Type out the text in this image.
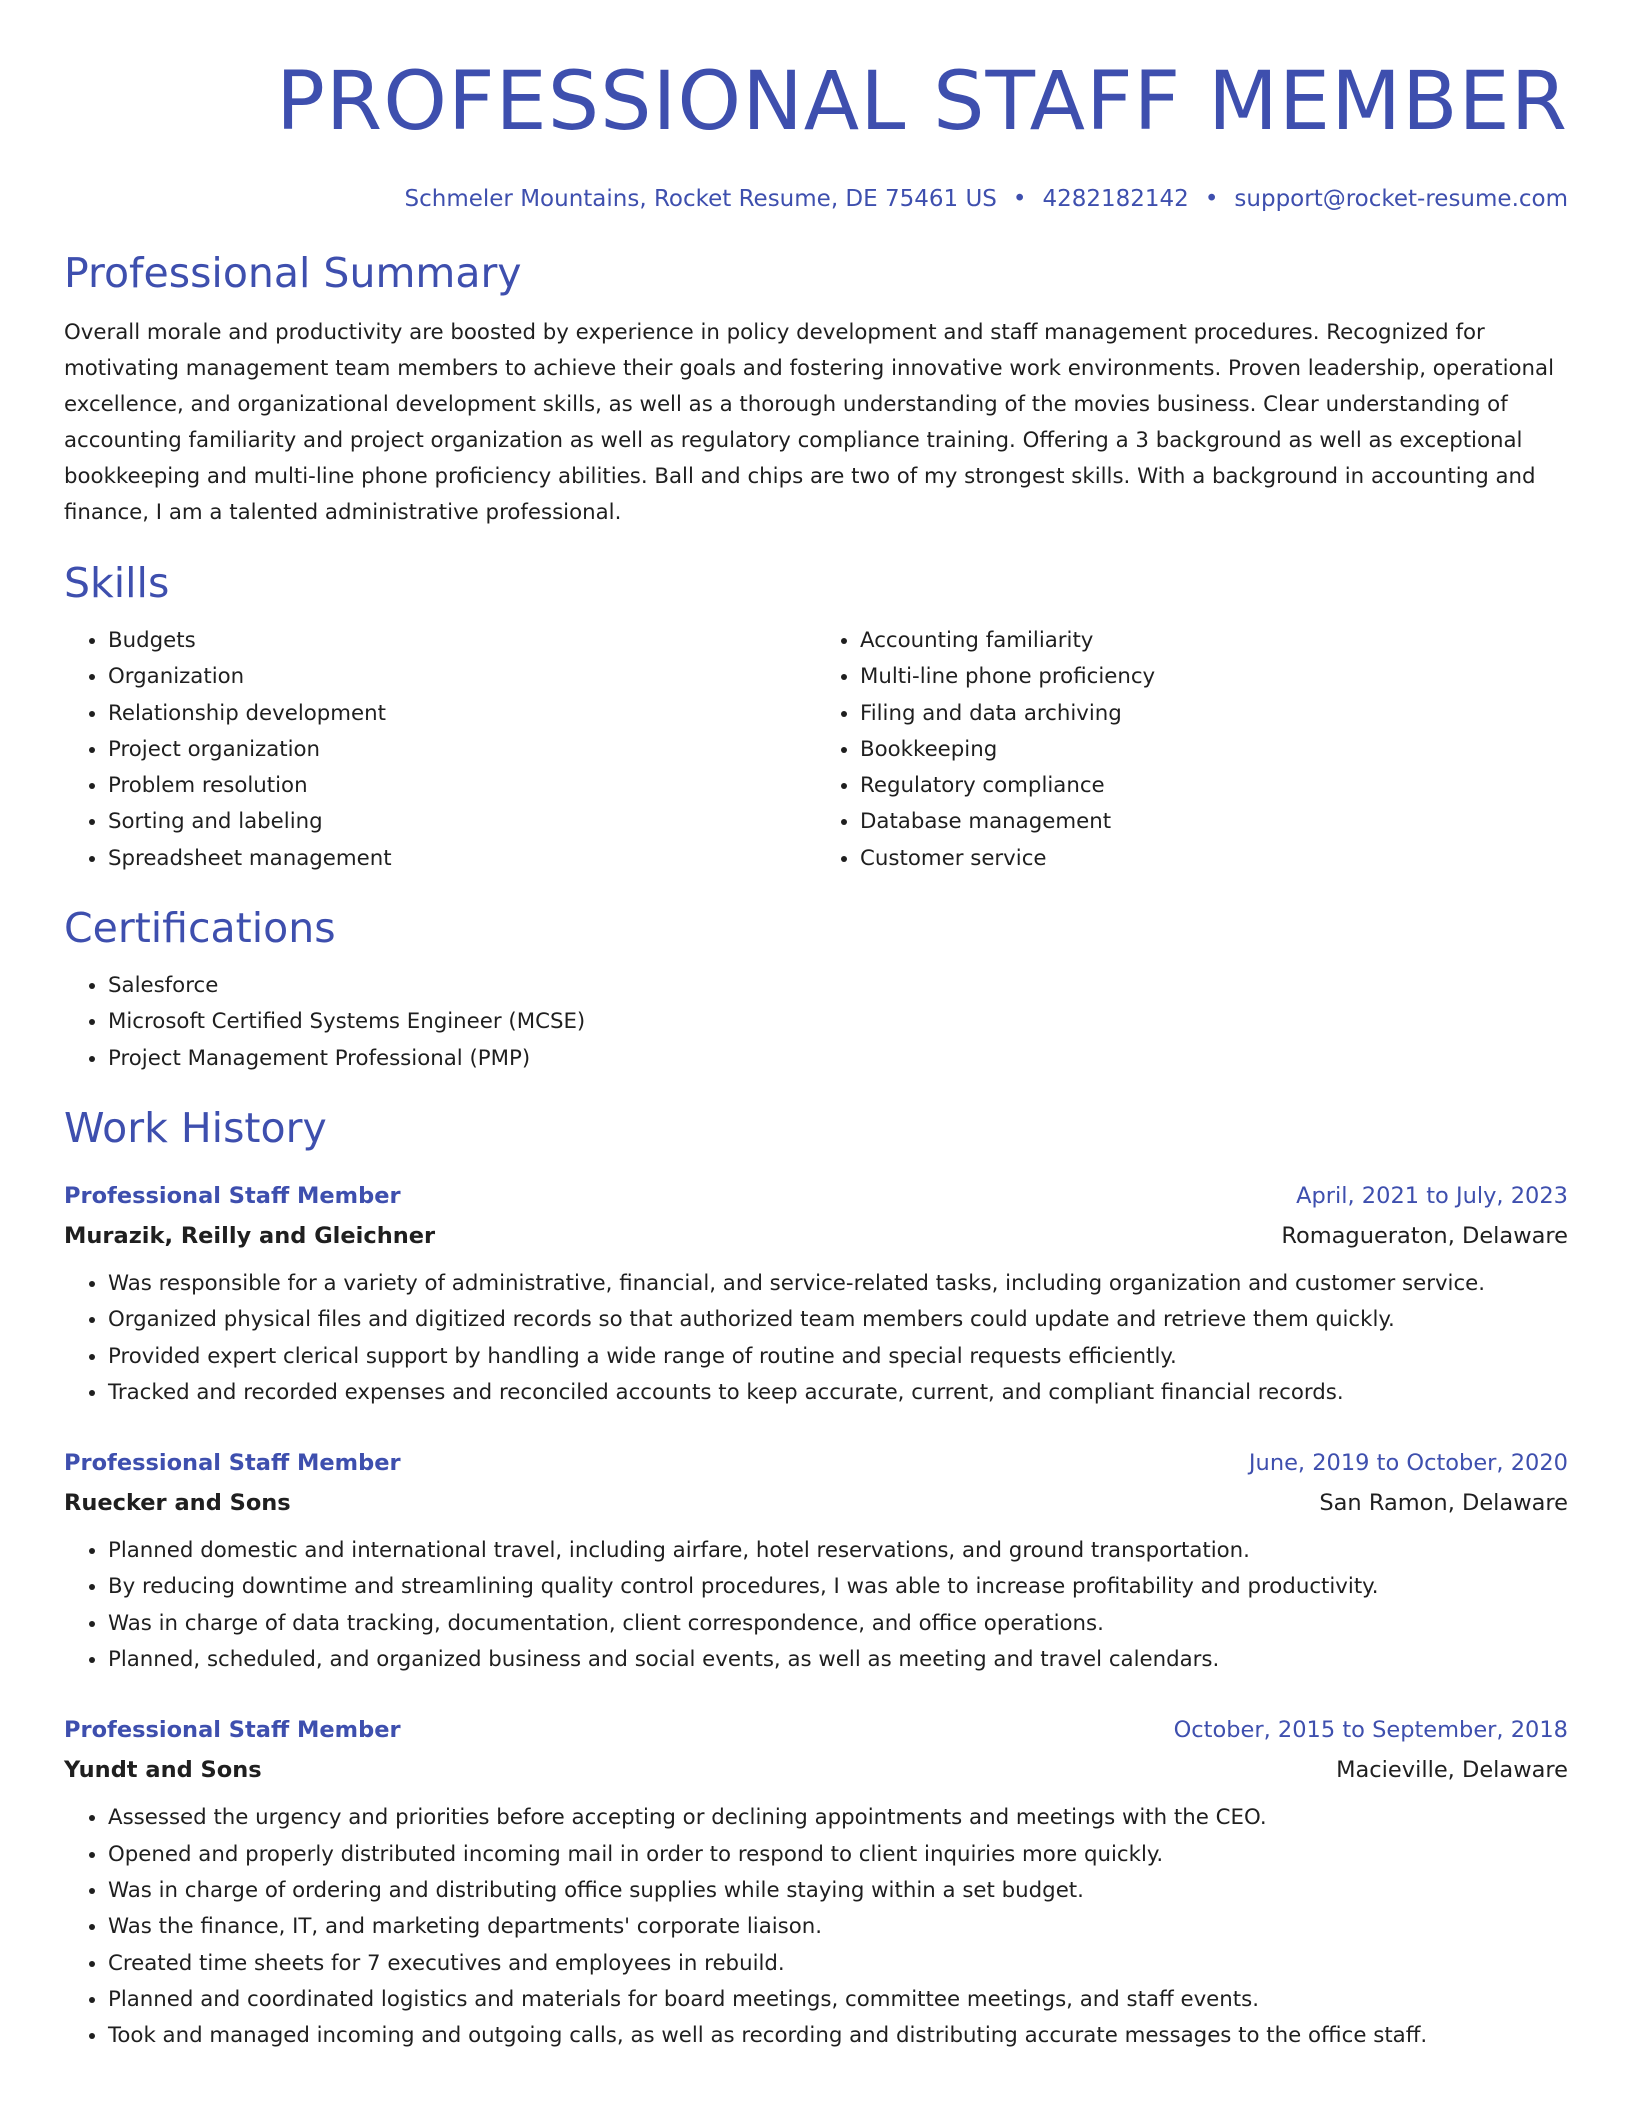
PROFESSIONAL STAFF MEMBER
Schmeler Mountains, Rocket Resume, DE 75461 US • 4282182142 • support@rocket-resume.com
Professional Summary
Overall morale and productivity are boosted by experience in policy development and staff management procedures. Recognized for motivating management team members to achieve their goals and fostering innovative work environments. Proven leadership, operational excellence, and organizational development skills, as well as a thorough understanding of the movies business. Clear understanding of accounting familiarity and project organization as well as regulatory compliance training. Offering a 3 background as well as exceptional bookkeeping and multi-line phone proficiency abilities. Ball and chips are two of my strongest skills. With a background in accounting and finance, I am a talented administrative professional.
Skills
• Budgets
• Organization
• Relationship development
• Project organization
• Problem resolution
• Sorting and labeling
• Spreadsheet management
• Accounting familiarity
• Multi-line phone proficiency
• Filing and data archiving
• Bookkeeping
• Regulatory compliance
• Database management
• Customer service
Certifications
• Salesforce
• Microsoft Certified Systems Engineer (MCSE)
• Project Management Professional (PMP)
Work History
Professional Staff Member	April, 2021 to July, 2023
Murazik, Reilly and Gleichner	Romagueraton, Delaware
• Was responsible for a variety of administrative, financial, and service-related tasks, including organization and customer service.
• Organized physical files and digitized records so that authorized team members could update and retrieve them quickly.
• Provided expert clerical support by handling a wide range of routine and special requests efficiently.
• Tracked and recorded expenses and reconciled accounts to keep accurate, current, and compliant financial records.
Professional Staff Member	June, 2019 to October, 2020
Ruecker and Sons	San Ramon, Delaware
• Planned domestic and international travel, including airfare, hotel reservations, and ground transportation.
• By reducing downtime and streamlining quality control procedures, I was able to increase profitability and productivity.
• Was in charge of data tracking, documentation, client correspondence, and office operations.
• Planned, scheduled, and organized business and social events, as well as meeting and travel calendars.
Professional Staff Member	October, 2015 to September, 2018
Yundt and Sons	Macieville, Delaware
• Assessed the urgency and priorities before accepting or declining appointments and meetings with the CEO.
• Opened and properly distributed incoming mail in order to respond to client inquiries more quickly.
• Was in charge of ordering and distributing office supplies while staying within a set budget.
• Was the finance, IT, and marketing departments' corporate liaison.
• Created time sheets for 7 executives and employees in rebuild.
• Planned and coordinated logistics and materials for board meetings, committee meetings, and staff events.
• Took and managed incoming and outgoing calls, as well as recording and distributing accurate messages to the office staff.
